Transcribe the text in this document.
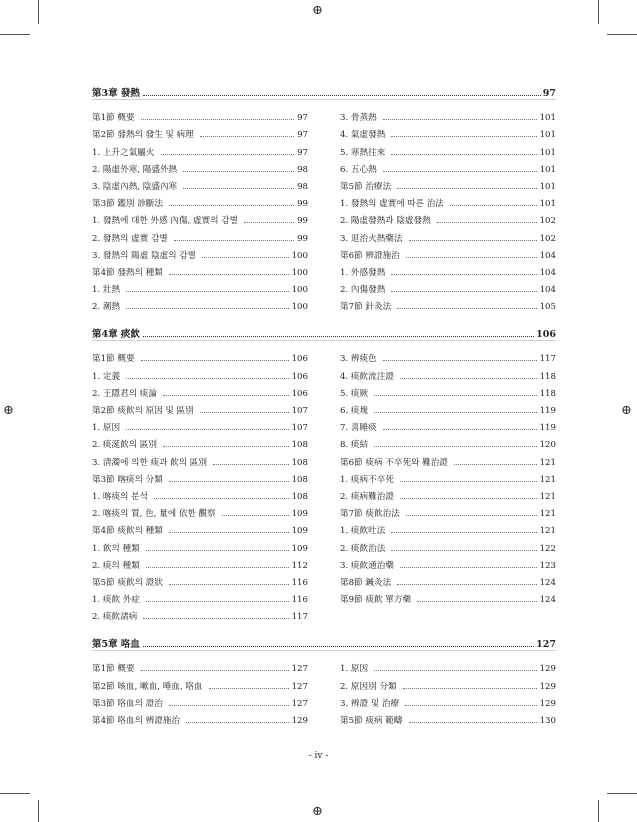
⊕
⊕
⊕	⊕
第3章 發熱	97
第1節 概要	97
第2節 發熱의 發生 및 病理	97
1. 上升之氣屬火	97
2. 陽虛外寒, 陽盛外熱	98
3. 陰虛內熱, 陰盛內寒	98
第3節 鑑別 診斷法	99
1. 發熱에 대한 外感 內傷, 虛實의 감별	99
2. 發熱의 虛實 감별	99
3. 發熱의 陽虛 陰虛의 감별	100
第4節 發熱의 種類	100
1. 壯熱	100
2. 潮熱	100
3. 骨蒸熱	101
4. 氣虛發熱	101
5. 寒熱往來	101
6. 五心熱	101
第5節 治療法	101
1. 發熱의 虛實에 따른 治法	101
2. 陽虛發熱과 陰虛發熱	102
3. 退治火熱藥法	102
第6節 辨證施治	104
1. 外感發熱	104
2. 內傷發熱	104
第7節 針灸法	105
第4章 痰飮	106
第1節 概要	106
1. 定義	106
2. 王隱君의 痰論	106
第2節 痰飮의 原因 및 區別	107
1. 原因	107
2. 痰涎飮의 區別	108
3. 淸濁에 의한 痰과 飮의 區別	108
第3節 喀痰의 分類	108
1. 喀痰의 분석	108
2. 喀痰의 質, 色, 量에 依한 觀察	109
第4節 痰飮의 種類	109
1. 飮의 種類	109
2. 痰의 種類	112
第5節 痰飮의 證狀	116
1. 痰飮 外症	116
2. 痰飮諸病	117
3. 辨痰色	117
4. 痰飮流注證	118
5. 痰厥	118
6. 痰塊	119
7. 喜睡痰	119
8. 痰結	120
第6節 痰病 不卒死와 難治證	121
1. 痰病不卒死	121
2. 痰病難治證	121
第7節 痰飮治法	121
1. 痰飮吐法	121
2. 痰飮治法	122
3. 痰飮通治藥	123
第8節 鍼灸法	124
第9節 痰飮 單方藥	124
第5章 咯血	127
第1節 概要	127
第2節 咳血, 嗽血, 唾血, 咯血	127
第3節 咯血의 證治	127
第4節 咯血의 辨證施治	129
1. 原因	129
2. 原因別 分類	129
3. 辨證 및 治療	129
第5節 痰病 範疇	130
- iv -
